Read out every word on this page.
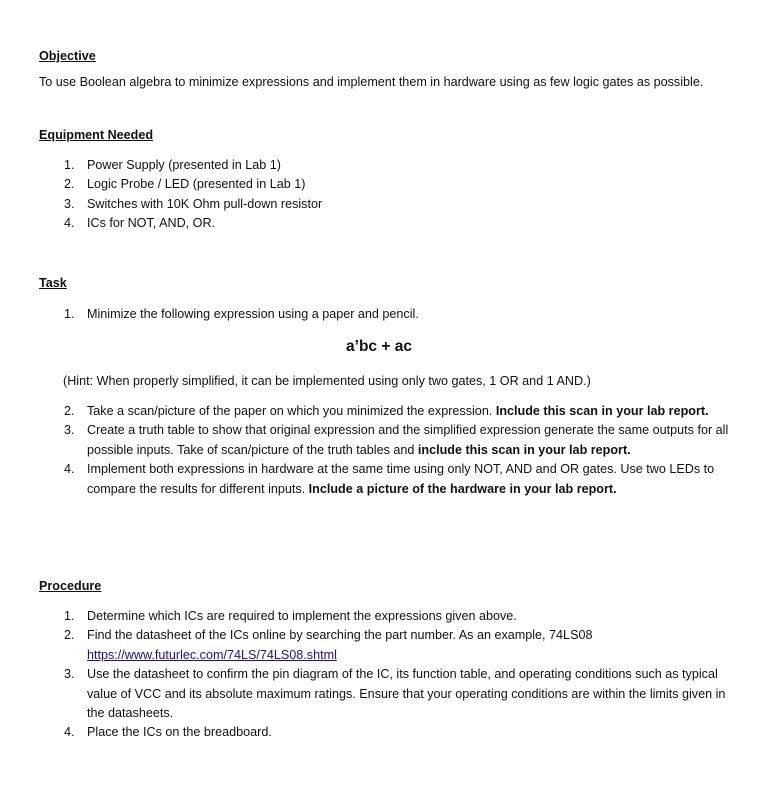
Objective
To use Boolean algebra to minimize expressions and implement them in hardware using as few logic gates as possible.
Equipment Needed
1. Power Supply (presented in Lab 1)
2. Logic Probe / LED (presented in Lab 1)
3. Switches with 10K Ohm pull-down resistor
4. ICs for NOT, AND, OR.
Task
1. Minimize the following expression using a paper and pencil.
a’bc + ac
(Hint: When properly simplified, it can be implemented using only two gates, 1 OR and 1 AND.)
2. Take a scan/picture of the paper on which you minimized the expression. Include this scan in your lab report.
3. Create a truth table to show that original expression and the simplified expression generate the same outputs for all possible inputs. Take of scan/picture of the truth tables and include this scan in your lab report.
4. Implement both expressions in hardware at the same time using only NOT, AND and OR gates. Use two LEDs to compare the results for different inputs. Include a picture of the hardware in your lab report.
Procedure
1. Determine which ICs are required to implement the expressions given above.
2. Find the datasheet of the ICs online by searching the part number. As an example, 74LS08
https://www.futurlec.com/74LS/74LS08.shtml
3. Use the datasheet to confirm the pin diagram of the IC, its function table, and operating conditions such as typical value of VCC and its absolute maximum ratings. Ensure that your operating conditions are within the limits given in the datasheets.
4. Place the ICs on the breadboard.
